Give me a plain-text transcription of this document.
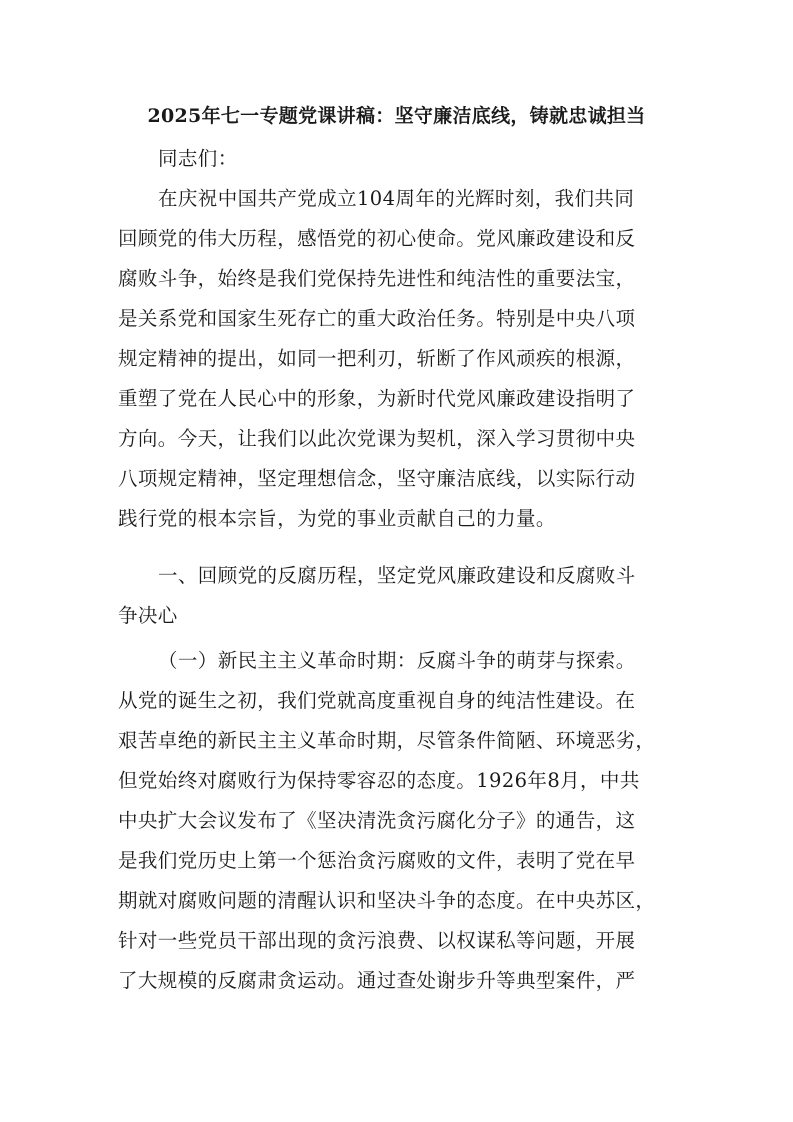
2025年七一专题党课讲稿：坚守廉洁底线，铸就忠诚担当
同志们：
在庆祝中国共产党成立104周年的光辉时刻，我们共同
回顾党的伟大历程，感悟党的初心使命。党风廉政建设和反
腐败斗争，始终是我们党保持先进性和纯洁性的重要法宝，
是关系党和国家生死存亡的重大政治任务。特别是中央八项
规定精神的提出，如同一把利刃，斩断了作风顽疾的根源，
重塑了党在人民心中的形象，为新时代党风廉政建设指明了
方向。今天，让我们以此次党课为契机，深入学习贯彻中央
八项规定精神，坚定理想信念，坚守廉洁底线，以实际行动
践行党的根本宗旨，为党的事业贡献自己的力量。
一、回顾党的反腐历程，坚定党风廉政建设和反腐败斗
争决心
（一）新民主主义革命时期：反腐斗争的萌芽与探索。
从党的诞生之初，我们党就高度重视自身的纯洁性建设。在
艰苦卓绝的新民主主义革命时期，尽管条件简陋、环境恶劣，
但党始终对腐败行为保持零容忍的态度。1926年8月，中共
中央扩大会议发布了《坚决清洗贪污腐化分子》的通告，这
是我们党历史上第一个惩治贪污腐败的文件，表明了党在早
期就对腐败问题的清醒认识和坚决斗争的态度。在中央苏区，
针对一些党员干部出现的贪污浪费、以权谋私等问题，开展
了大规模的反腐肃贪运动。通过查处谢步升等典型案件，严
